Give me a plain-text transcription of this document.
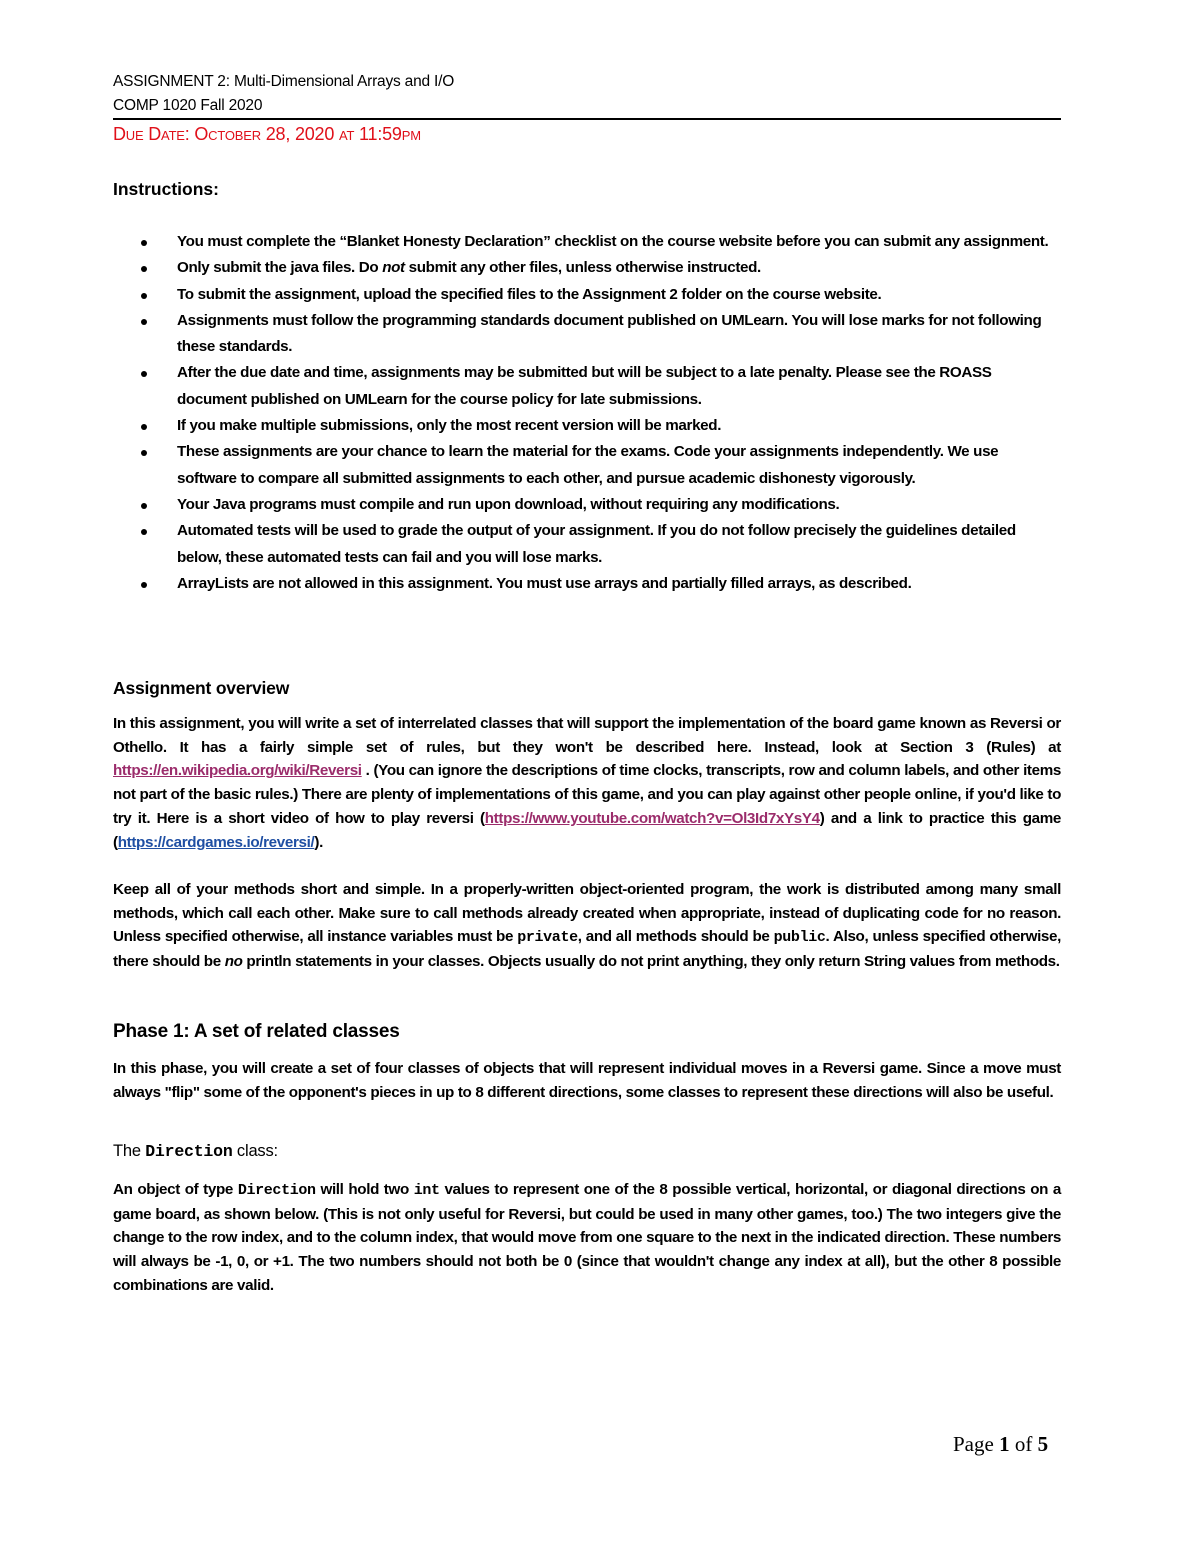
ASSIGNMENT 2: Multi-Dimensional Arrays and I/O
COMP 1020 Fall 2020
Due Date: October 28, 2020 at 11:59pm
Instructions:
You must complete the “Blanket Honesty Declaration” checklist on the course website before you can submit any assignment.
Only submit the java files. Do not submit any other files, unless otherwise instructed.
To submit the assignment, upload the specified files to the Assignment 2 folder on the course website.
Assignments must follow the programming standards document published on UMLearn. You will lose marks for not following these standards.
After the due date and time, assignments may be submitted but will be subject to a late penalty. Please see the ROASS document published on UMLearn for the course policy for late submissions.
If you make multiple submissions, only the most recent version will be marked.
These assignments are your chance to learn the material for the exams. Code your assignments independently. We use software to compare all submitted assignments to each other, and pursue academic dishonesty vigorously.
Your Java programs must compile and run upon download, without requiring any modifications.
Automated tests will be used to grade the output of your assignment. If you do not follow precisely the guidelines detailed below, these automated tests can fail and you will lose marks.
ArrayLists are not allowed in this assignment. You must use arrays and partially filled arrays, as described.
Assignment overview

In this assignment, you will write a set of interrelated classes that will support the implementation of the board game known as Reversi or Othello. It has a fairly simple set of rules, but they won't be described here. Instead, look at Section 3 (Rules) at https://en.wikipedia.org/wiki/Reversi . (You can ignore the descriptions of time clocks, transcripts, row and column labels, and other items not part of the basic rules.) There are plenty of implementations of this game, and you can play against other people online, if you'd like to try it. Here is a short video of how to play reversi (https://www.youtube.com/watch?v=Ol3Id7xYsY4) and a link to practice this game (https://cardgames.io/reversi/).

Keep all of your methods short and simple. In a properly-written object-oriented program, the work is distributed among many small methods, which call each other. Make sure to call methods already created when appropriate, instead of duplicating code for no reason. Unless specified otherwise, all instance variables must be private, and all methods should be public. Also, unless specified otherwise, there should be no println statements in your classes. Objects usually do not print anything, they only return String values from methods.

Phase 1: A set of related classes

In this phase, you will create a set of four classes of objects that will represent individual moves in a Reversi game. Since a move must always "flip" some of the opponent's pieces in up to 8 different directions, some classes to represent these directions will also be useful.

The Direction class:

An object of type Direction will hold two int values to represent one of the 8 possible vertical, horizontal, or diagonal directions on a game board, as shown below. (This is not only useful for Reversi, but could be used in many other games, too.) The two integers give the change to the row index, and to the column index, that would move from one square to the next in the indicated direction. These numbers will always be -1, 0, or +1. The two numbers should not both be 0 (since that wouldn't change any index at all), but the other 8 possible combinations are valid.

Page 1 of 5
